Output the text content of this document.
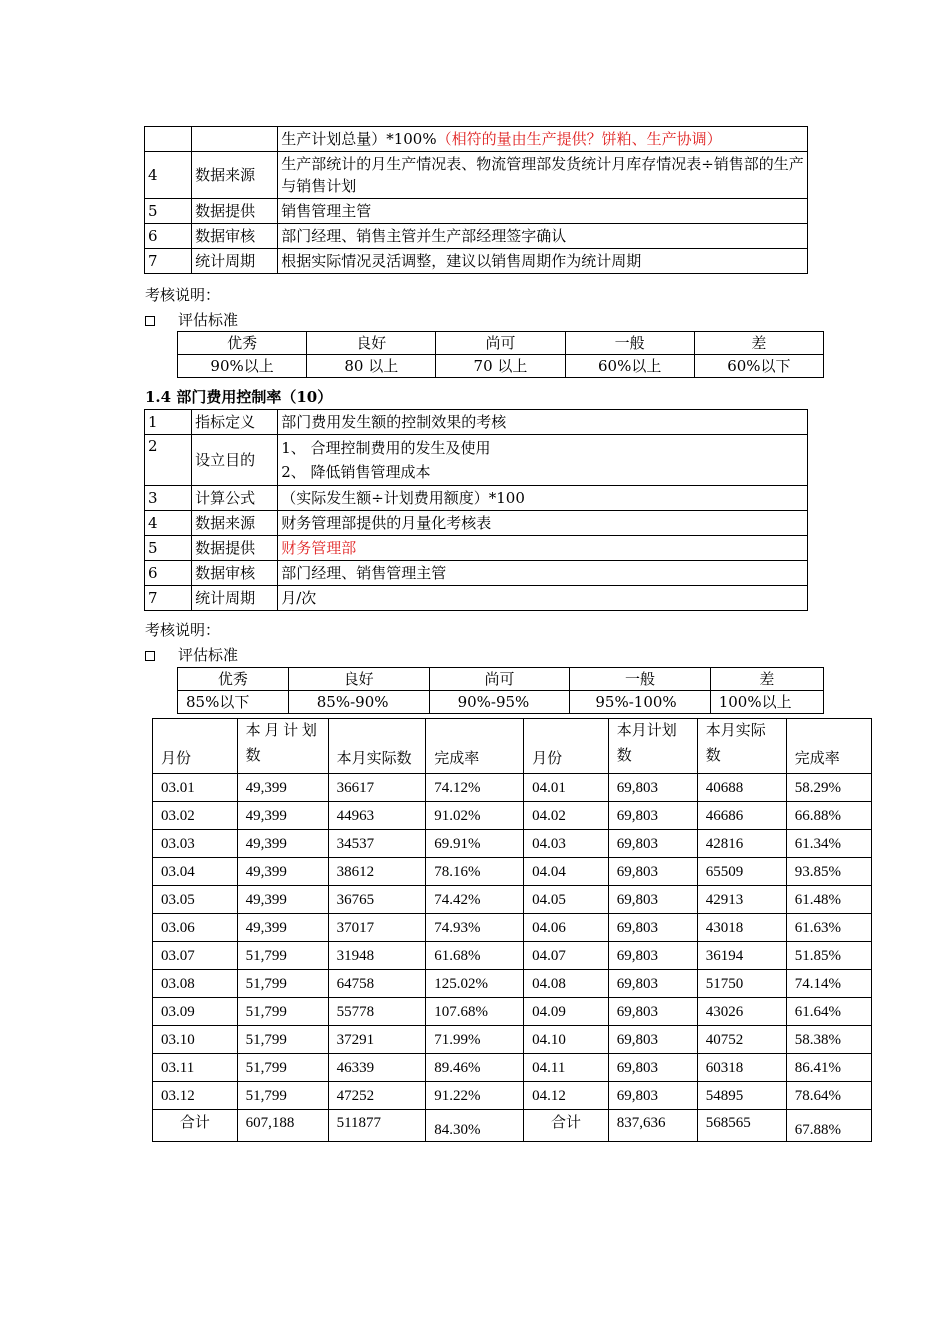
		生产计划总量）*100%（相符的量由生产提供？饼粕、生产协调）
4	数据来源	生产部统计的月生产情况表、物流管理部发货统计月库存情况表÷销售部的生产与销售计划
5	数据提供	销售管理主管
6	数据审核	部门经理、销售主管并生产部经理签字确认
7	统计周期	根据实际情况灵活调整，建议以销售周期作为统计周期
考核说明：
评估标准
优秀	良好	尚可	一般	差
90%以上	80 以上	70 以上	60%以上	60%以下
1.4 部门费用控制率（10）
1	指标定义	部门费用发生额的控制效果的考核
2	设立目的	1、 合理控制费用的发生及使用
2、 降低销售管理成本

3	计算公式	（实际发生额÷计划费用额度）*100
4	数据来源	财务管理部提供的月量化考核表
5	数据提供	财务管理部
6	数据审核	部门经理、销售管理主管
7	统计周期	月/次
考核说明：
评估标准
优秀	良好	尚可	一般	差
85%以下	85%-90%	90%-95%	95%-100%	100%以上
月份	本 月 计 划 数	本月实际数	完成率	月份	本月计划数	本月实际数	完成率
03.01	49,399	36617	74.12%	04.01	69,803	40688	58.29%
03.02	49,399	44963	91.02%	04.02	69,803	46686	66.88%
03.03	49,399	34537	69.91%	04.03	69,803	42816	61.34%
03.04	49,399	38612	78.16%	04.04	69,803	65509	93.85%
03.05	49,399	36765	74.42%	04.05	69,803	42913	61.48%
03.06	49,399	37017	74.93%	04.06	69,803	43018	61.63%
03.07	51,799	31948	61.68%	04.07	69,803	36194	51.85%
03.08	51,799	64758	125.02%	04.08	69,803	51750	74.14%
03.09	51,799	55778	107.68%	04.09	69,803	43026	61.64%
03.10	51,799	37291	71.99%	04.10	69,803	40752	58.38%
03.11	51,799	46339	89.46%	04.11	69,803	60318	86.41%
03.12	51,799	47252	91.22%	04.12	69,803	54895	78.64%
合计	607,188	511877	84.30%	合计	837,636	568565	67.88%
